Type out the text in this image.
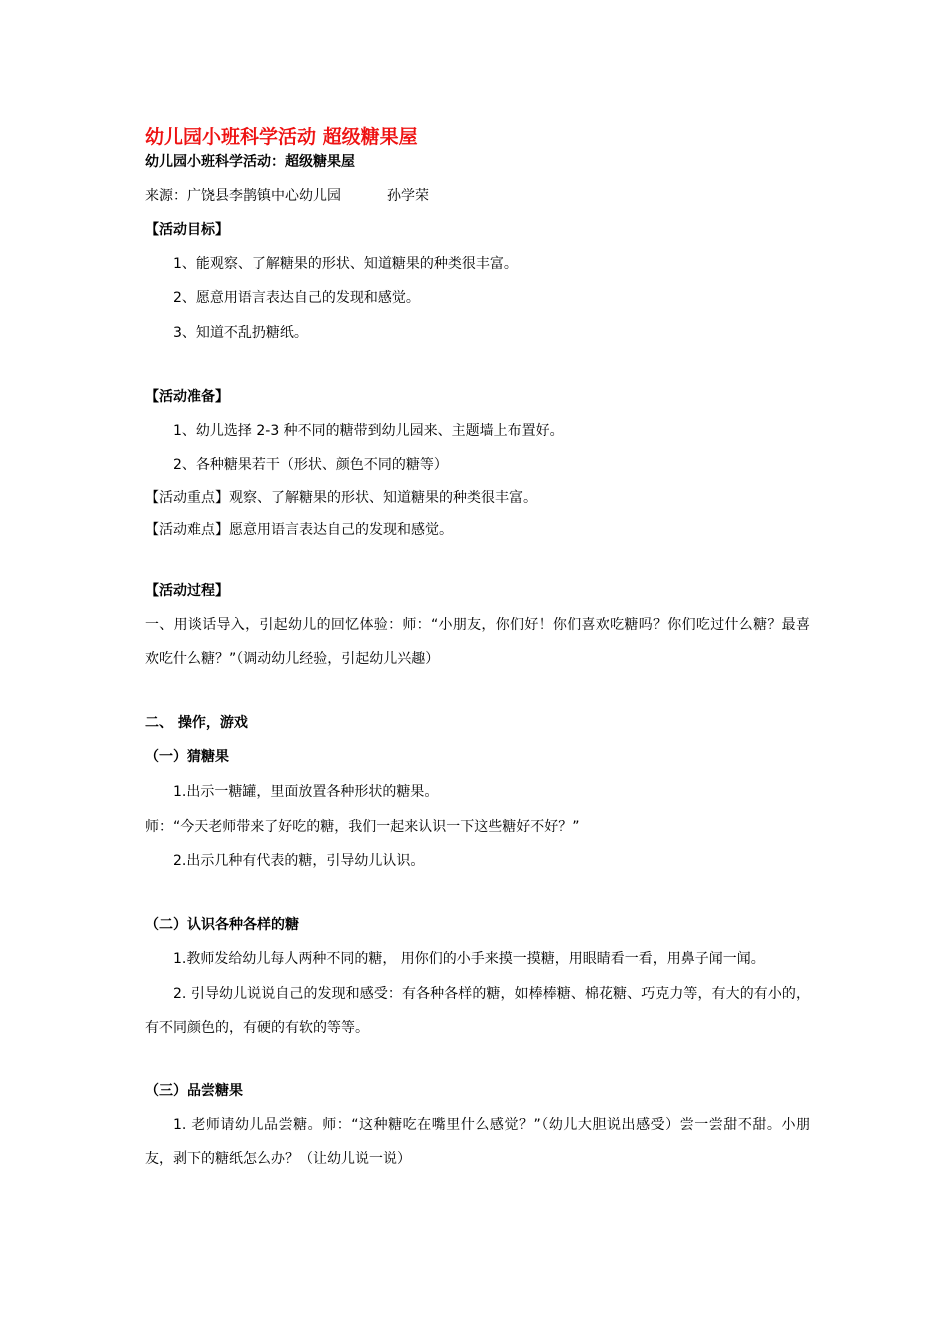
幼儿园小班科学活动 超级糖果屋

幼儿园小班科学活动：超级糖果屋

来源：广饶县李鹊镇中心幼儿园	孙学荣

【活动目标】

1、能观察、了解糖果的形状、知道糖果的种类很丰富。

2、愿意用语言表达自己的发现和感觉。

3、知道不乱扔糖纸。

【活动准备】

1、幼儿选择 2-3 种不同的糖带到幼儿园来、主题墙上布置好。

2、各种糖果若干（形状、颜色不同的糖等）

【活动重点】观察、了解糖果的形状、知道糖果的种类很丰富。

【活动难点】愿意用语言表达自己的发现和感觉。

【活动过程】

一、用谈话导入，引起幼儿的回忆体验：师：“小朋友，你们好！你们喜欢吃糖吗？你们吃过什么糖？最喜欢吃什么糖？”（调动幼儿经验，引起幼儿兴趣）

二、 操作，游戏

（一）猜糖果

1.出示一糖罐，里面放置各种形状的糖果。

师：“今天老师带来了好吃的糖，我们一起来认识一下这些糖好不好？”

2.出示几种有代表的糖，引导幼儿认识。

（二）认识各种各样的糖

1.教师发给幼儿每人两种不同的糖， 用你们的小手来摸一摸糖，用眼睛看一看，用鼻子闻一闻。

2. 引导幼儿说说自己的发现和感受：有各种各样的糖，如棒棒糖、棉花糖、巧克力等，有大的有小的，有不同颜色的，有硬的有软的等等。

（三）品尝糖果

1. 老师请幼儿品尝糖。师：“这种糖吃在嘴里什么感觉？”（幼儿大胆说出感受）尝一尝甜不甜。小朋友，剥下的糖纸怎么办？（让幼儿说一说）
